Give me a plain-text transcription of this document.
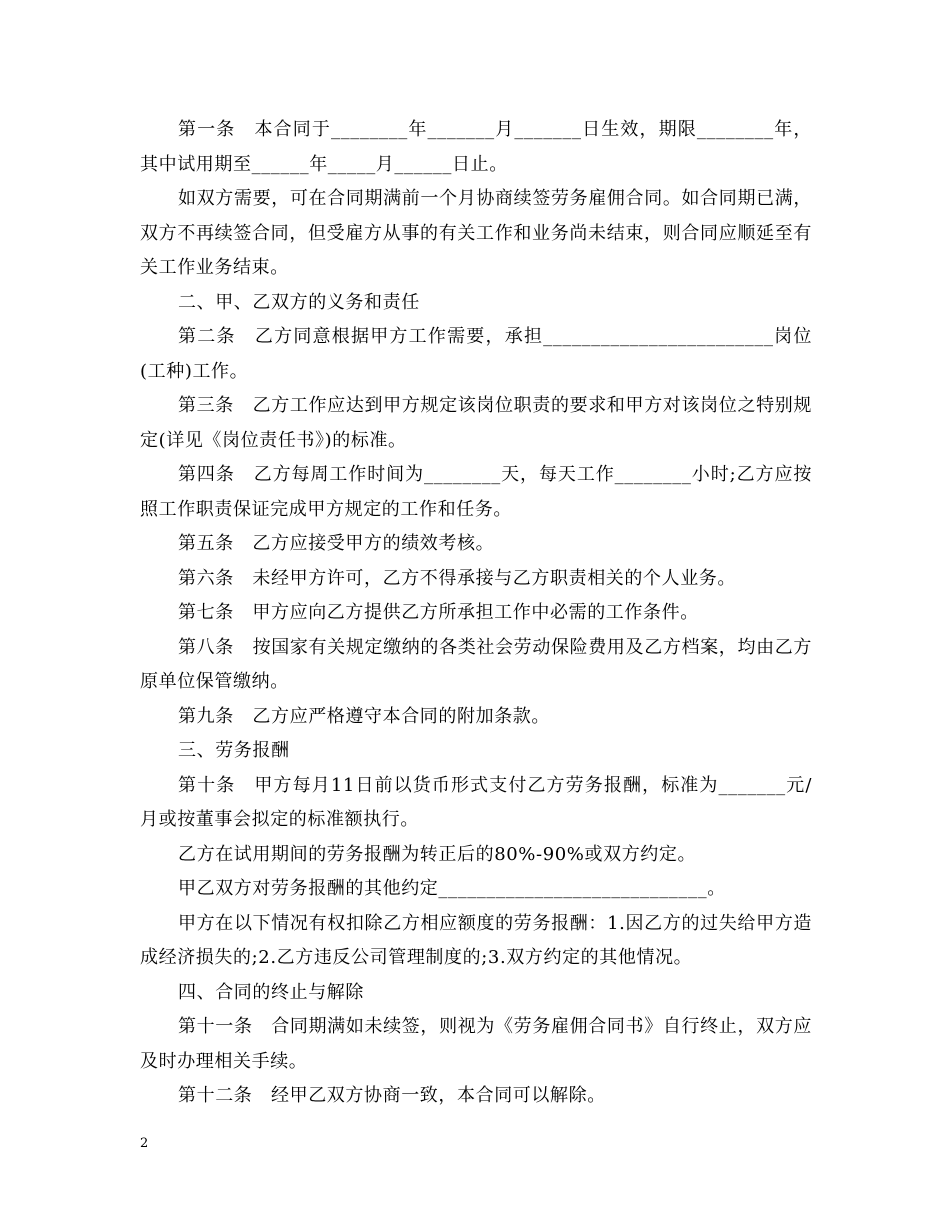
第一条　本合同于________年_______月_______日生效，期限________年，其中试用期至______年_____月______日止。

如双方需要，可在合同期满前一个月协商续签劳务雇佣合同。如合同期已满，双方不再续签合同，但受雇方从事的有关工作和业务尚未结束，则合同应顺延至有关工作业务结束。

二、甲、乙双方的义务和责任

第二条　乙方同意根据甲方工作需要，承担________________________岗位(工种)工作。

第三条　乙方工作应达到甲方规定该岗位职责的要求和甲方对该岗位之特别规定(详见《岗位责任书》)的标准。

第四条　乙方每周工作时间为________天，每天工作________小时;乙方应按照工作职责保证完成甲方规定的工作和任务。

第五条　乙方应接受甲方的绩效考核。

第六条　未经甲方许可，乙方不得承接与乙方职责相关的个人业务。

第七条　甲方应向乙方提供乙方所承担工作中必需的工作条件。

第八条　按国家有关规定缴纳的各类社会劳动保险费用及乙方档案，均由乙方原单位保管缴纳。

第九条　乙方应严格遵守本合同的附加条款。

三、劳务报酬

第十条　甲方每月11日前以货币形式支付乙方劳务报酬，标准为_______元/月或按董事会拟定的标准额执行。

乙方在试用期间的劳务报酬为转正后的80%-90%或双方约定。

甲乙双方对劳务报酬的其他约定____________________________。

甲方在以下情况有权扣除乙方相应额度的劳务报酬：1.因乙方的过失给甲方造成经济损失的;2.乙方违反公司管理制度的;3.双方约定的其他情况。

四、合同的终止与解除

第十一条　合同期满如未续签，则视为《劳务雇佣合同书》自行终止，双方应及时办理相关手续。

第十二条　经甲乙双方协商一致，本合同可以解除。

2
